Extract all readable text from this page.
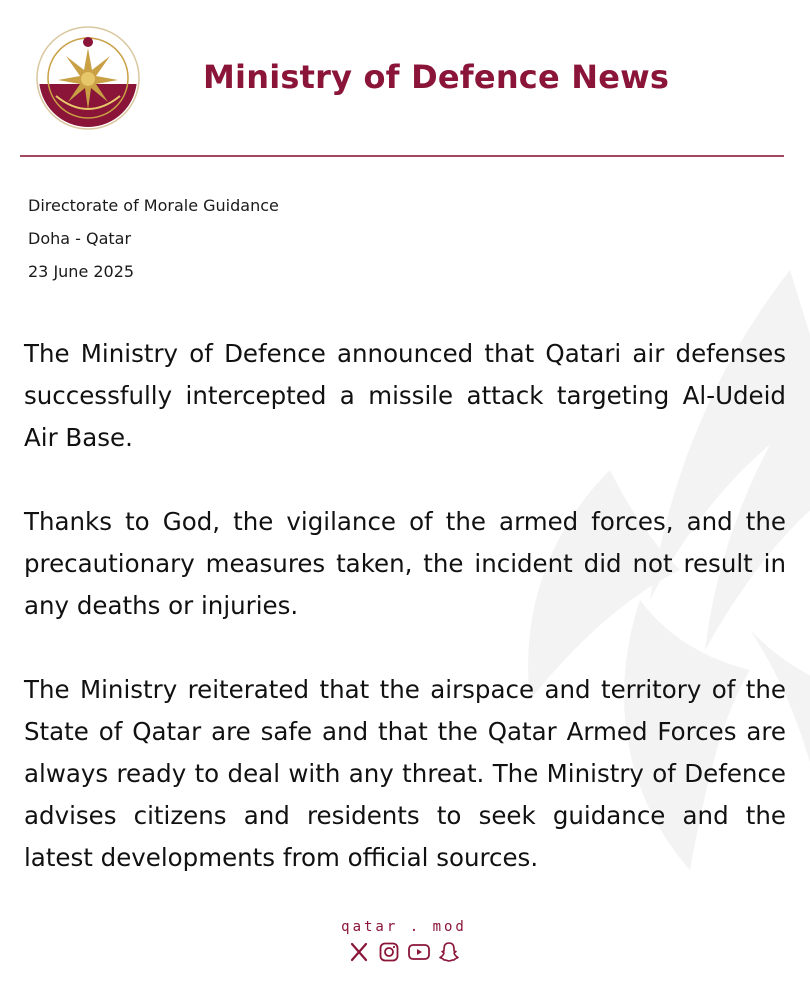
Ministry of Defence News
Directorate of Morale Guidance
Doha - Qatar
23 June 2025

The Ministry of Defence announced that Qatari air defenses successfully intercepted a missile attack targeting Al-Udeid Air Base.

Thanks to God, the vigilance of the armed forces, and the precautionary measures taken, the incident did not result in any deaths or injuries.

The Ministry reiterated that the airspace and territory of the State of Qatar are safe and that the Qatar Armed Forces are always ready to deal with any threat. The Ministry of Defence advises citizens and residents to seek guidance and the latest developments from official sources.

qatar . mod
